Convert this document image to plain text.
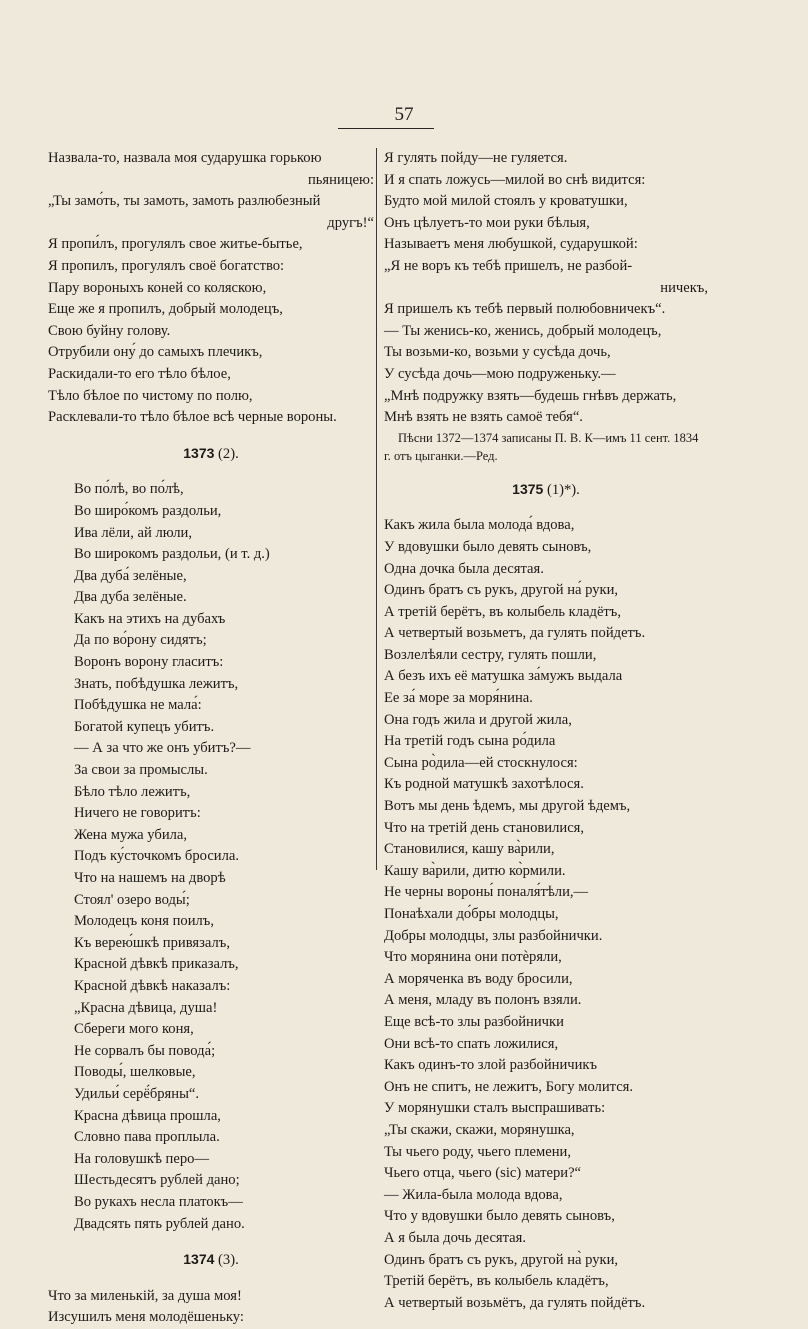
57
Назвала-то, назвала моя сударушка горькою
пьяницею:
„Ты замо́ть, ты замоть, замоть разлюбезный
другъ!“
Я пропи́лъ, прогулялъ свое житье-бытье,
Я пропилъ, прогулялъ своё богатство:
Пару вороныхъ коней со коляскою,
Еще же я пропилъ, добрый молодецъ,
Свою буйну голову.
Отрубили ону́ до самыхъ плечикъ,
Раскидали-то его тѣло бѣлое,
Тѣло бѣлое по чистому по полю,
Расклевали-то тѣло бѣлое всѣ черные вороны.
1373 (2).
Во по́лѣ, во по́лѣ,
Во широ́комъ раздольи,
Ива лёли, ай люли,
Во широкомъ раздольи, (и т. д.)
Два дуба́ зелёные,
Два дуба зелёные.
Какъ на этихъ на дубахъ
Да по во́рону сидятъ;
Воронъ ворону гласитъ:
Знать, побѣдушка лежитъ,
Побѣдушка не мала́:
Богатой купецъ убитъ.
— А за что же онъ убитъ?—
За свои за промыслы.
Бѣло тѣло лежитъ,
Ничего не говоритъ:
Жена мужа убила,
Подъ ку́сточкомъ бросила.
Что на нашемъ на дворѣ
Стоял' озеро воды́;
Молодецъ коня поилъ,
Къ верею́шкѣ привязалъ,
Красной дѣвкѣ приказалъ,
Красной дѣвкѣ наказалъ:
„Красна дѣвица, душа!
Сбереги мого коня,
Не сорвалъ бы повода́;
Поводы́, шелковые,
Удильи́ серё́бряны“.
Красна дѣвица прошла,
Словно пава проплыла.
На головушкѣ перо—
Шестьдесятъ рублей дано;
Во рукахъ несла платокъ—
Двадсять пять рублей дано.
1374 (3).
Что за миленькій, за душа моя!
Изсушилъ меня молодёшеньку:
Я гулять пойду—не гуляется.
И я спать ложусь—милой во снѣ видится:
Будто мой милой стоялъ у кроватушки,
Онъ цѣлуетъ-то мои руки бѣлыя,
Называетъ меня любушкой, сударушкой:
„Я не воръ къ тебѣ пришелъ, не разбой-
ничекъ,
Я пришелъ къ тебѣ первый полюбовничекъ“.
— Ты женись-ко, женись, добрый молодецъ,
Ты возьми-ко, возьми у сусѣда дочь,
У сусѣда дочь—мою подруженьку.—
„Мнѣ подружку взять—будешь гнѣвъ держать,
Мнѣ взять не взять самоё тебя“.
Пѣсни 1372—1374 записаны П. В. К—имъ 11 сент. 1834 г. отъ цыганки.—Ред.
1375 (1)*).
Какъ жила была молода́ вдова,
У вдовушки было девять сыновъ,
Одна дочка была десятая.
Одинъ братъ съ рукъ, другой на́ руки,
А третій берётъ, въ колыбель кладётъ,
А четвертый возьметъ, да гулять пойдетъ.
Возлелѣяли сестру, гулять пошли,
А безъ ихъ её матушка за́мужъ выдала
Ее за́ море за моря́нина.
Она годъ жила и другой жила,
На третій годъ сына ро́дила
Сына ро̀дила—ей стоскнулося:
Къ родной матушкѣ захотѣлося.
Вотъ мы день ѣдемъ, мы другой ѣдемъ,
Что на третій день становилися,
Становилися, кашу ва̀рили,
Кашу ва̀рили, дитю ко̀рмили.
Не черны вороны́ поналя́тѣли,—
Понаѣхали до́бры молодцы,
Добры молодцы, злы разбойнички.
Что морянина они потѐряли,
А моряченка въ воду бросили,
А меня, младу въ полонъ взяли.
Еще всѣ-то злы разбойнички
Они всѣ-то спать ложилися,
Какъ одинъ-то злой разбойничикъ
Онъ не спитъ, не лежитъ, Богу молится.
У морянушки сталъ выспрашивать:
„Ты скажи, скажи, морянушка,
Ты чьего роду, чьего племени,
Чьего отца, чьего (sic) матери?“
— Жила-была молода вдова,
Что у вдовушки было девять сыновъ,
А я была дочь десятая.
Одинъ братъ съ рукъ, другой на̀ руки,
Третій берётъ, въ колыбель кладётъ,
А четвертый возьмётъ, да гулять пойдётъ.
